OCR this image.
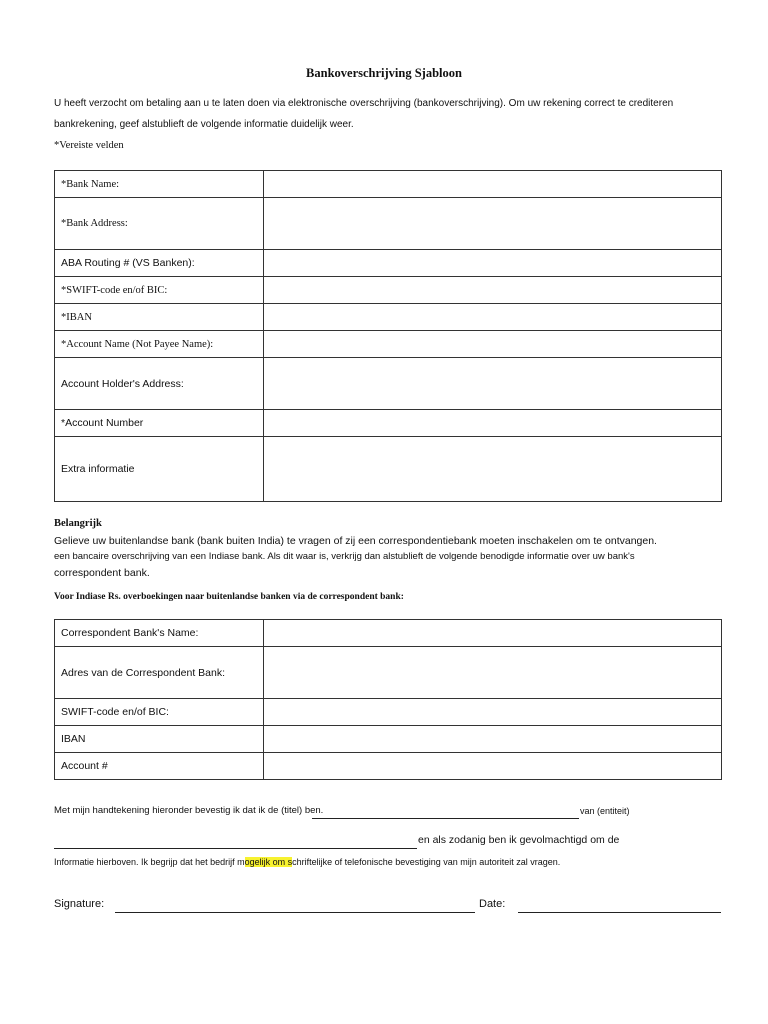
Bankoverschrijving Sjabloon
U heeft verzocht om betaling aan u te laten doen via elektronische overschrijving (bankoverschrijving). Om uw rekening correct te crediteren
bankrekening, geef alstublieft de volgende informatie duidelijk weer.
*Vereiste velden
*Bank Name:	
*Bank Address:	
ABA Routing # (VS Banken):	
*SWIFT-code en/of BIC:	
*IBAN	
*Account Name (Not Payee Name):	
Account Holder's Address:	
*Account Number	
Extra informatie	
Belangrijk
Gelieve uw buitenlandse bank (bank buiten India) te vragen of zij een correspondentiebank moeten inschakelen om te ontvangen.
een bancaire overschrijving van een Indiase bank. Als dit waar is, verkrijg dan alstublieft de volgende benodigde informatie over uw bank's
correspondent bank.
Voor Indiase Rs. overboekingen naar buitenlandse banken via de correspondent bank:
Correspondent Bank's Name:	
Adres van de Correspondent Bank:	
SWIFT-code en/of BIC:	
IBAN	
Account #	
Met mijn handtekening hieronder bevestig ik dat ik de (titel) ben.	van (entiteit)
en als zodanig ben ik gevolmachtigd om de
Informatie hierboven. Ik begrijp dat het bedrijf mogelijk om schriftelijke of telefonische bevestiging van mijn autoriteit zal vragen.
Signature:	Date:
